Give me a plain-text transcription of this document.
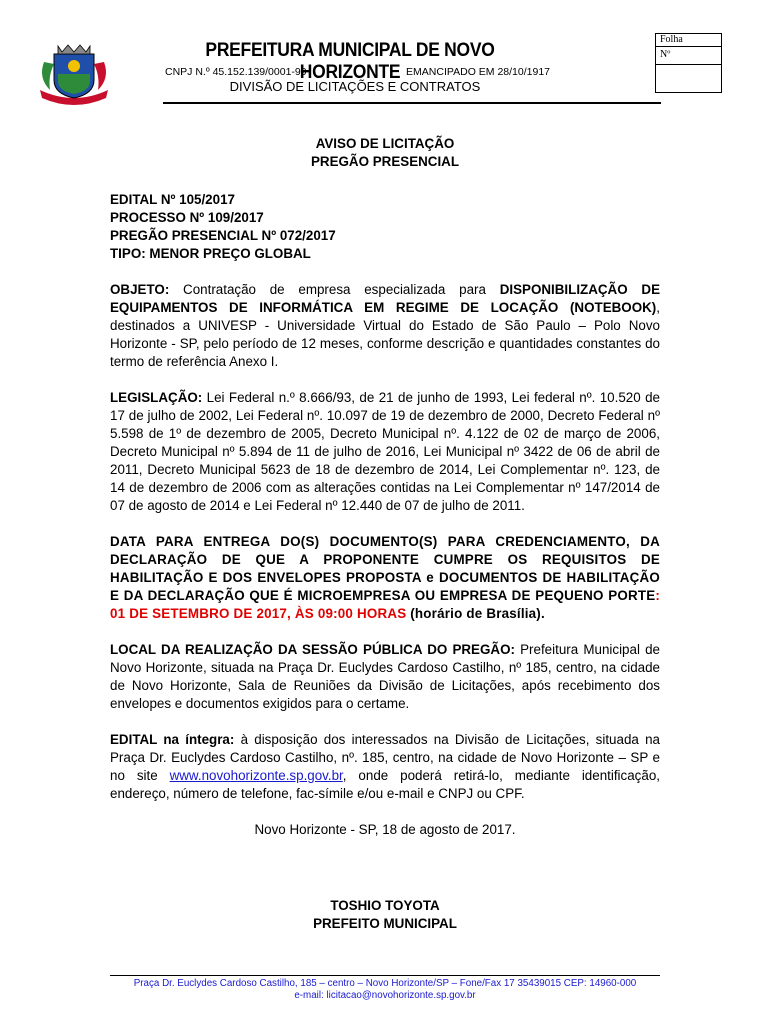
PREFEITURA MUNICIPAL DE NOVO HORIZONTE
CNPJ N.º 45.152.139/0001-99	EMANCIPADO EM 28/10/1917
DIVISÃO DE LICITAÇÕES E CONTRATOS
Folha
Nº

AVISO DE LICITAÇÃO

PREGÃO PRESENCIAL

EDITAL Nº 105/2017

PROCESSO Nº 109/2017

PREGÃO PRESENCIAL Nº 072/2017

TIPO: MENOR PREÇO GLOBAL

OBJETO: Contratação de empresa especializada para DISPONIBILIZAÇÃO DE EQUIPAMENTOS DE INFORMÁTICA EM REGIME DE LOCAÇÃO (NOTEBOOK), destinados a UNIVESP - Universidade Virtual do Estado de São Paulo – Polo Novo Horizonte - SP, pelo período de 12 meses, conforme descrição e quantidades constantes do termo de referência Anexo I.

LEGISLAÇÃO: Lei Federal n.º 8.666/93, de 21 de junho de 1993, Lei federal nº. 10.520 de 17 de julho de 2002, Lei Federal nº. 10.097 de 19 de dezembro de 2000, Decreto Federal nº 5.598 de 1º de dezembro de 2005, Decreto Municipal nº. 4.122 de 02 de março de 2006, Decreto Municipal nº 5.894 de 11 de julho de 2016, Lei Municipal nº 3422 de 06 de abril de 2011, Decreto Municipal 5623 de 18 de dezembro de 2014, Lei Complementar nº. 123, de 14 de dezembro de 2006 com as alterações contidas na Lei Complementar nº 147/2014 de 07 de agosto de 2014 e Lei Federal nº 12.440 de 07 de julho de 2011.

DATA PARA ENTREGA DO(S) DOCUMENTO(S) PARA CREDENCIAMENTO, DA DECLARAÇÃO DE QUE A PROPONENTE CUMPRE OS REQUISITOS DE HABILITAÇÃO E DOS ENVELOPES PROPOSTA e DOCUMENTOS DE HABILITAÇÃO E DA DECLARAÇÃO QUE É MICROEMPRESA OU EMPRESA DE PEQUENO PORTE: 01 DE SETEMBRO DE 2017, ÀS 09:00 HORAS (horário de Brasília).

LOCAL DA REALIZAÇÃO DA SESSÃO PÚBLICA DO PREGÃO: Prefeitura Municipal de Novo Horizonte, situada na Praça Dr. Euclydes Cardoso Castilho, nº 185, centro, na cidade de Novo Horizonte, Sala de Reuniões da Divisão de Licitações, após recebimento dos envelopes e documentos exigidos para o certame.

EDITAL na íntegra: à disposição dos interessados na Divisão de Licitações, situada na Praça Dr. Euclydes Cardoso Castilho, nº. 185, centro, na cidade de Novo Horizonte – SP e no site www.novohorizonte.sp.gov.br, onde poderá retirá-lo, mediante identificação, endereço, número de telefone, fac-símile e/ou e-mail e CNPJ ou CPF.

Novo Horizonte - SP, 18 de agosto de 2017.

TOSHIO TOYOTA

PREFEITO MUNICIPAL

Praça Dr. Euclydes Cardoso Castilho, 185 – centro – Novo Horizonte/SP – Fone/Fax 17 35439015 CEP: 14960-000
e-mail: licitacao@novohorizonte.sp.gov.br
